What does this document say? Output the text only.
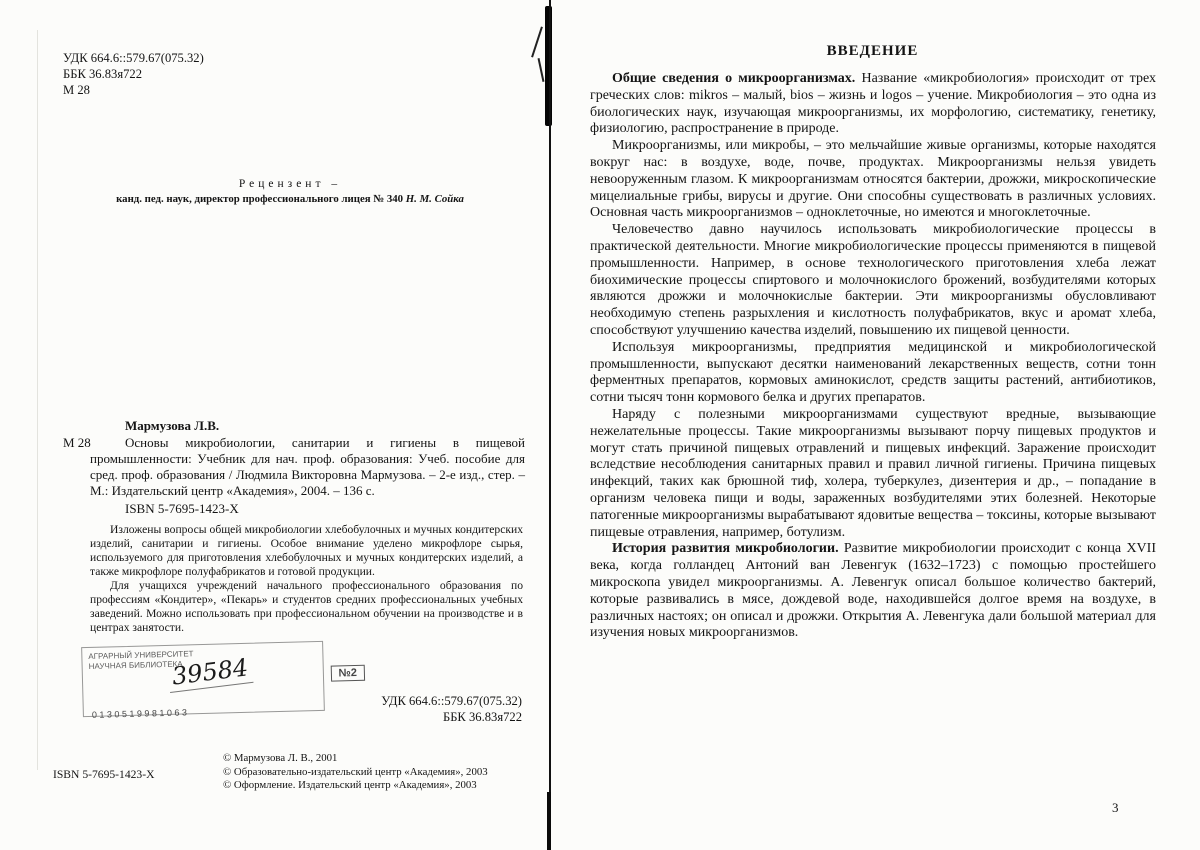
УДК 664.6::579.67(075.32)
ББК 36.83я722
М 28
Рецензент –
канд. пед. наук, директор профессионального лицея № 340 Н. М. Сойка
Мармузова Л.В.
М 28	Основы микробиологии, санитарии и гигиены в пищевой промышленности: Учебник для нач. проф. образования: Учеб. пособие для сред. проф. образования / Людмила Викторовна Мармузова. – 2-е изд., стер. – М.: Издательский центр «Академия», 2004. – 136 с.

ISBN 5-7695-1423-X

Изложены вопросы общей микробиологии хлебобулочных и мучных кондитерских изделий, санитарии и гигиены. Особое внимание уделено микрофлоре сырья, используемого для приготовления хлебобулочных и мучных кондитерских изделий, а также микрофлоре полуфабрикатов и готовой продукции.

Для учащихся учреждений начального профессионального образования по профессиям «Кондитер», «Пекарь» и студентов средних профессиональных учебных заведений. Можно использовать при профессиональном обучении на производстве и в центрах занятости.

АГРАРНЫЙ УНИВЕРСИТЕТ
НАУЧНАЯ БИБЛИОТЕКА
№2
0130519981063
39584
УДК 664.6::579.67(075.32)
ББК 36.83я722
© Мармузова Л. В., 2001
© Образовательно-издательский центр «Академия», 2003
© Оформление. Издательский центр «Академия», 2003
ISBN 5-7695-1423-X
ВВЕДЕНИЕ

Общие сведения о микроорганизмах. Название «микробиология» происходит от трех греческих слов: mikros – малый, bios – жизнь и logos – учение. Микробиология – это одна из биологических наук, изучающая микроорганизмы, их морфологию, систематику, генетику, физиологию, распространение в природе.

Микроорганизмы, или микробы, – это мельчайшие живые организмы, которые находятся вокруг нас: в воздухе, воде, почве, продуктах. Микроорганизмы нельзя увидеть невооруженным глазом. К микроорганизмам относятся бактерии, дрожжи, микроскопические мицелиальные грибы, вирусы и другие. Они способны существовать в различных условиях. Основная часть микроорганизмов – одноклеточные, но имеются и многоклеточные.

Человечество давно научилось использовать микробиологические процессы в практической деятельности. Многие микробиологические процессы применяются в пищевой промышленности. Например, в основе технологического приготовления хлеба лежат биохимические процессы спиртового и молочнокислого брожений, возбудителями которых являются дрожжи и молочнокислые бактерии. Эти микроорганизмы обусловливают необходимую степень разрыхления и кислотность полуфабрикатов, вкус и аромат хлеба, способствуют улучшению качества изделий, повышению их пищевой ценности.

Используя микроорганизмы, предприятия медицинской и микробиологической промышленности, выпускают десятки наименований лекарственных веществ, сотни тонн ферментных препаратов, кормовых аминокислот, средств защиты растений, антибиотиков, сотни тысяч тонн кормового белка и других препаратов.

Наряду с полезными микроорганизмами существуют вредные, вызывающие нежелательные процессы. Такие микроорганизмы вызывают порчу пищевых продуктов и могут стать причиной пищевых отравлений и пищевых инфекций. Заражение происходит вследствие несоблюдения санитарных правил и правил личной гигиены. Причина пищевых инфекций, таких как брюшной тиф, холера, туберкулез, дизентерия и др., – попадание в организм человека пищи и воды, зараженных возбудителями этих болезней. Некоторые патогенные микроорганизмы вырабатывают ядовитые вещества – токсины, которые вызывают пищевые отравления, например, ботулизм.

История развития микробиологии. Развитие микробиологии происходит с конца XVII века, когда голландец Антоний ван Левенгук (1632–1723) с помощью простейшего микроскопа увидел микроорганизмы. А. Левенгук описал большое количество бактерий, которые развивались в мясе, дождевой воде, находившейся долгое время на воздухе, в различных настоях; он описал и дрожжи. Открытия А. Левенгука дали большой материал для изучения новых микроорганизмов.

3
